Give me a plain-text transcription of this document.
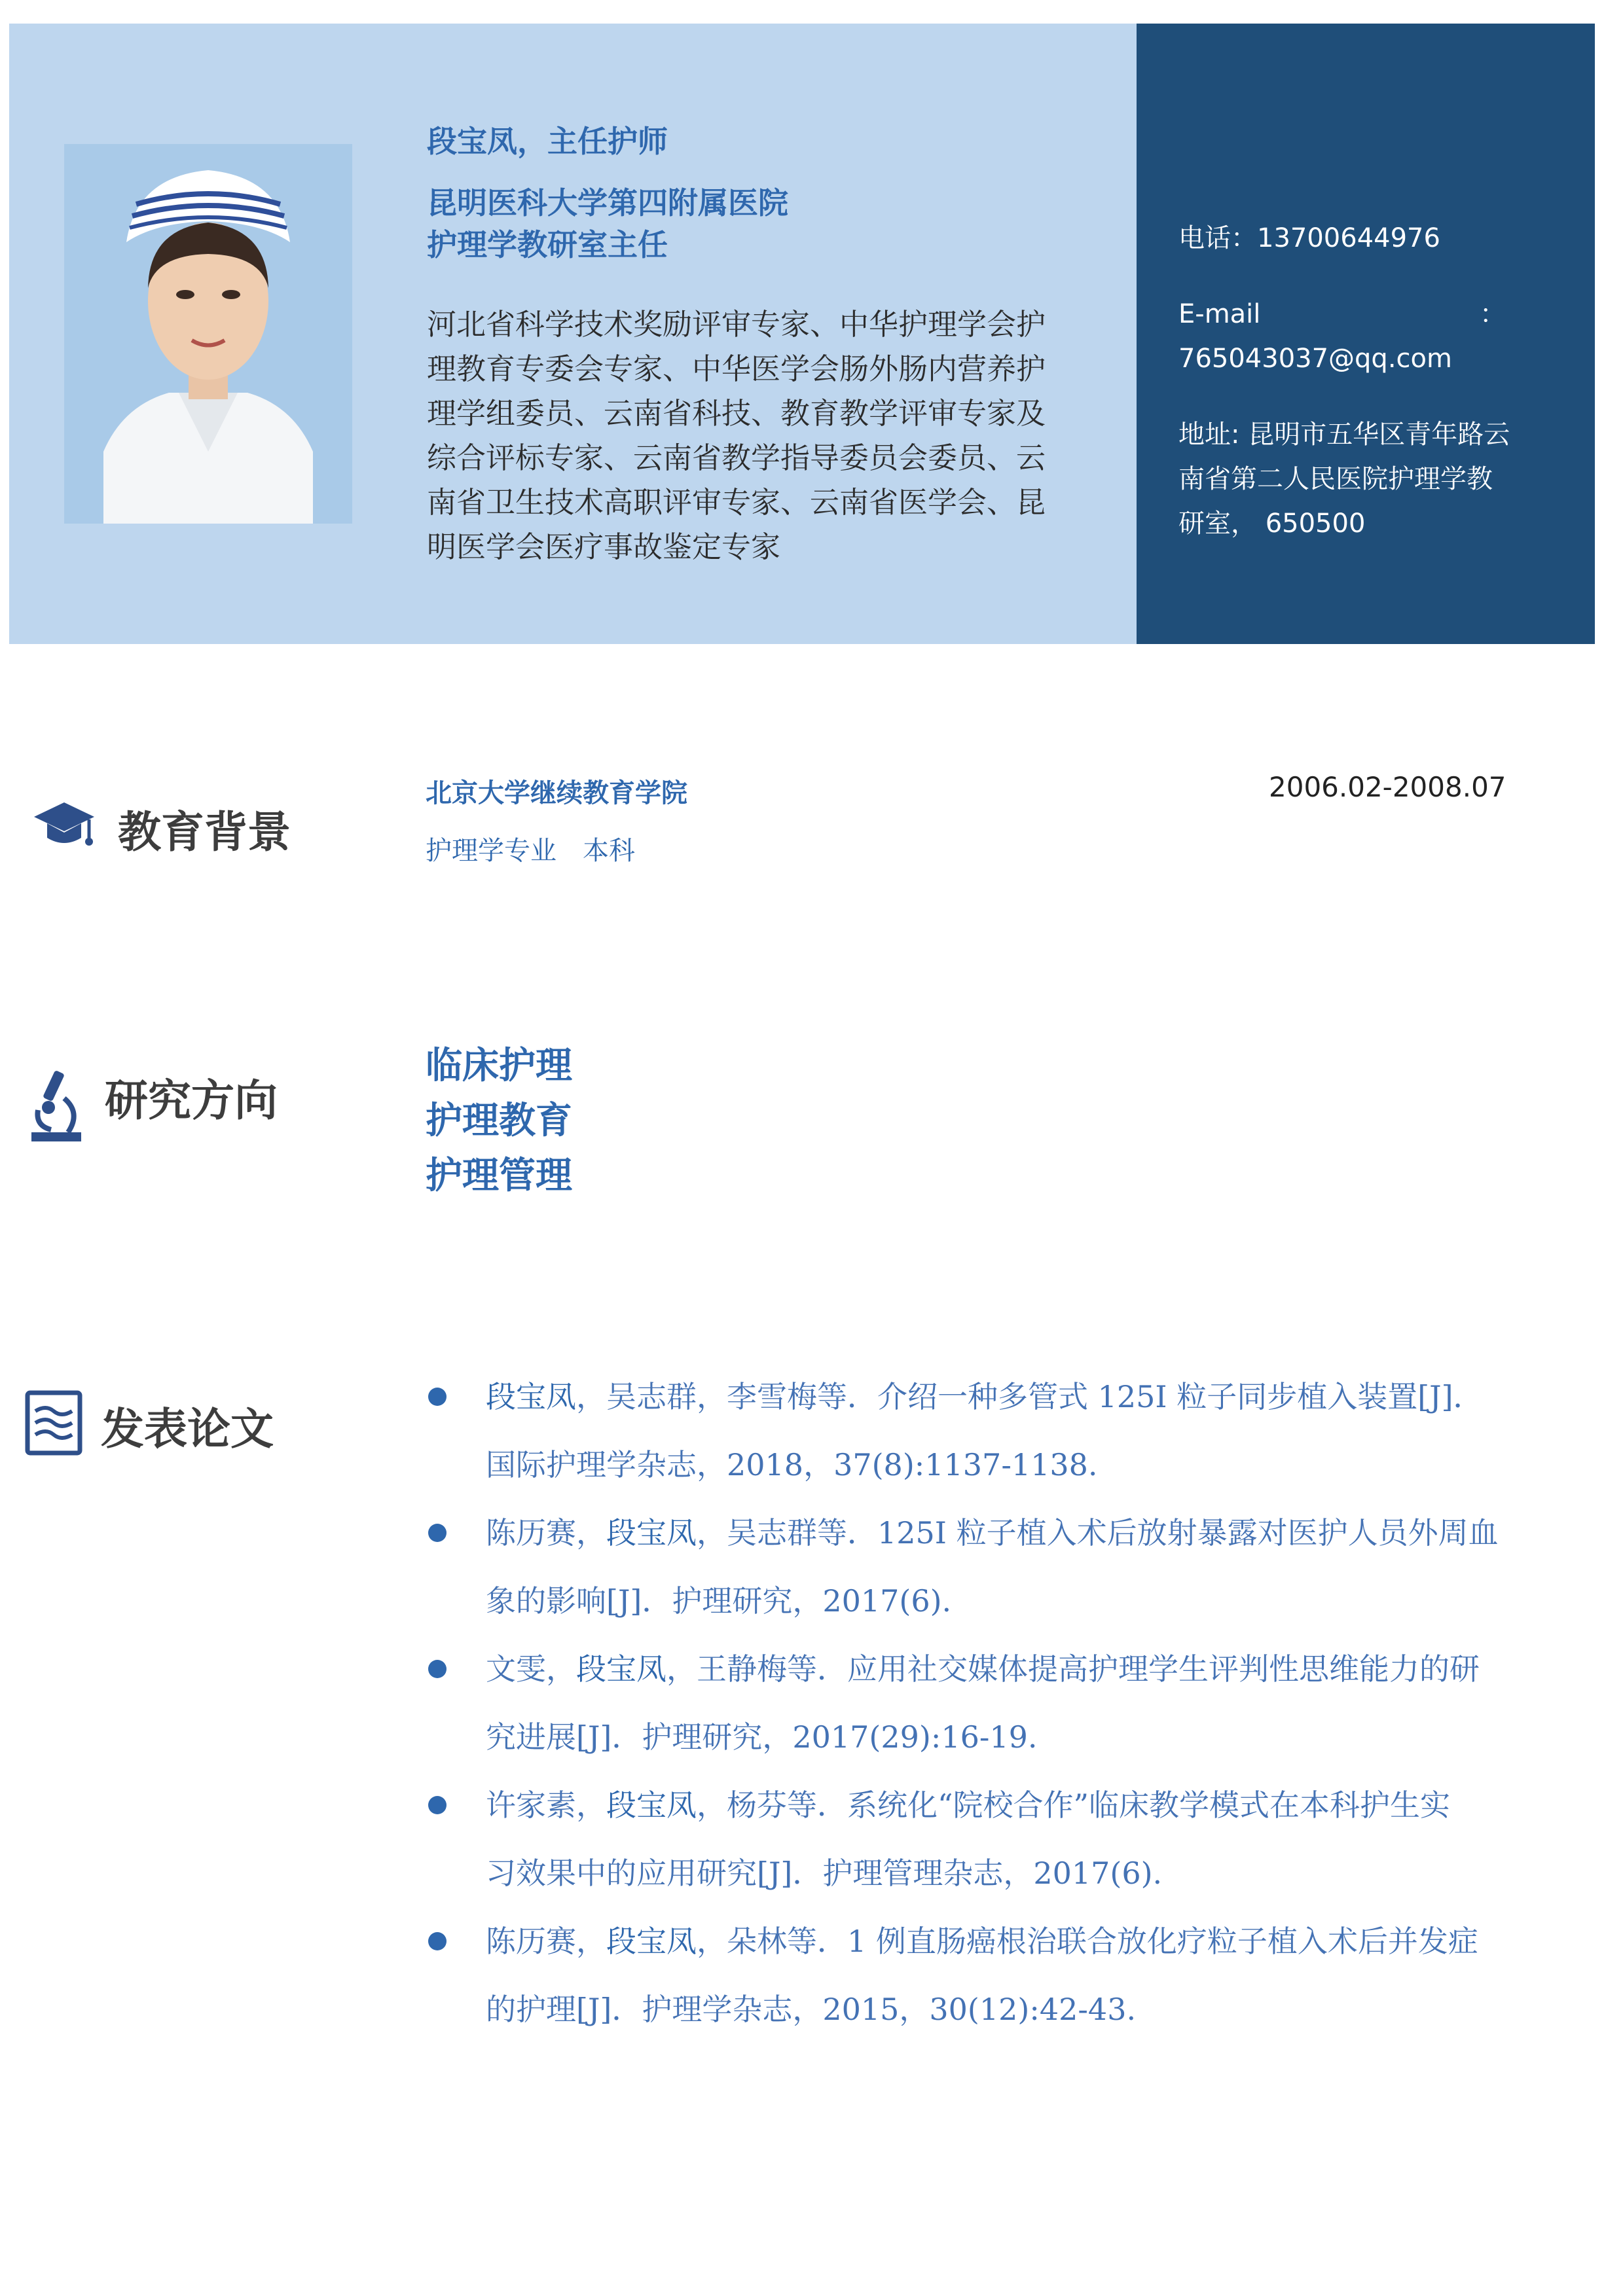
段宝凤，主任护师
昆明医科大学第四附属医院
护理学教研室主任
河北省科学技术奖励评审专家、中华护理学会护
理教育专委会专家、中华医学会肠外肠内营养护
理学组委员、云南省科技、教育教学评审专家及
综合评标专家、云南省教学指导委员会委员、云
南省卫生技术高职评审专家、云南省医学会、昆
明医学会医疗事故鉴定专家
电话：13700644976
E-mail	：
765043037@qq.com
地址: 昆明市五华区青年路云
南省第二人民医院护理学教
研室， 650500
教育背景
北京大学继续教育学院
护理学专业　本科
2006.02-2008.07
研究方向
临床护理
护理教育
护理管理
发表论文
段宝凤，吴志群，李雪梅等．介绍一种多管式 125I 粒子同步植入装置[J]．
国际护理学杂志，2018，37(8):1137-1138.
陈历赛，段宝凤，吴志群等．125I 粒子植入术后放射暴露对医护人员外周血
象的影响[J]．护理研究，2017(6).
文雯，段宝凤，王静梅等．应用社交媒体提高护理学生评判性思维能力的研
究进展[J]．护理研究，2017(29):16-19.
许家素，段宝凤，杨芬等．系统化“院校合作”临床教学模式在本科护生实
习效果中的应用研究[J]．护理管理杂志，2017(6).
陈历赛，段宝凤，朵林等．1 例直肠癌根治联合放化疗粒子植入术后并发症
的护理[J]．护理学杂志，2015，30(12):42-43.
